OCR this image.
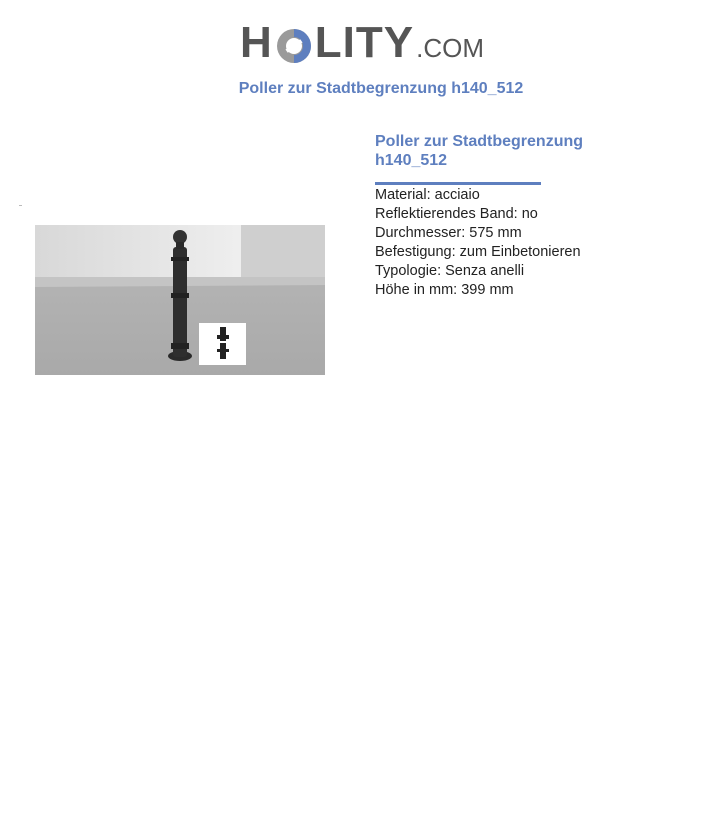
H LITY .COM
Poller zur Stadtbegrenzung h140_512
Poller zur Stadtbegrenzung h140_512
Material: acciaio
Reflektierendes Band: no
Durchmesser: 575 mm
Befestigung: zum Einbetonieren
Typologie: Senza anelli
Höhe in mm: 399 mm
